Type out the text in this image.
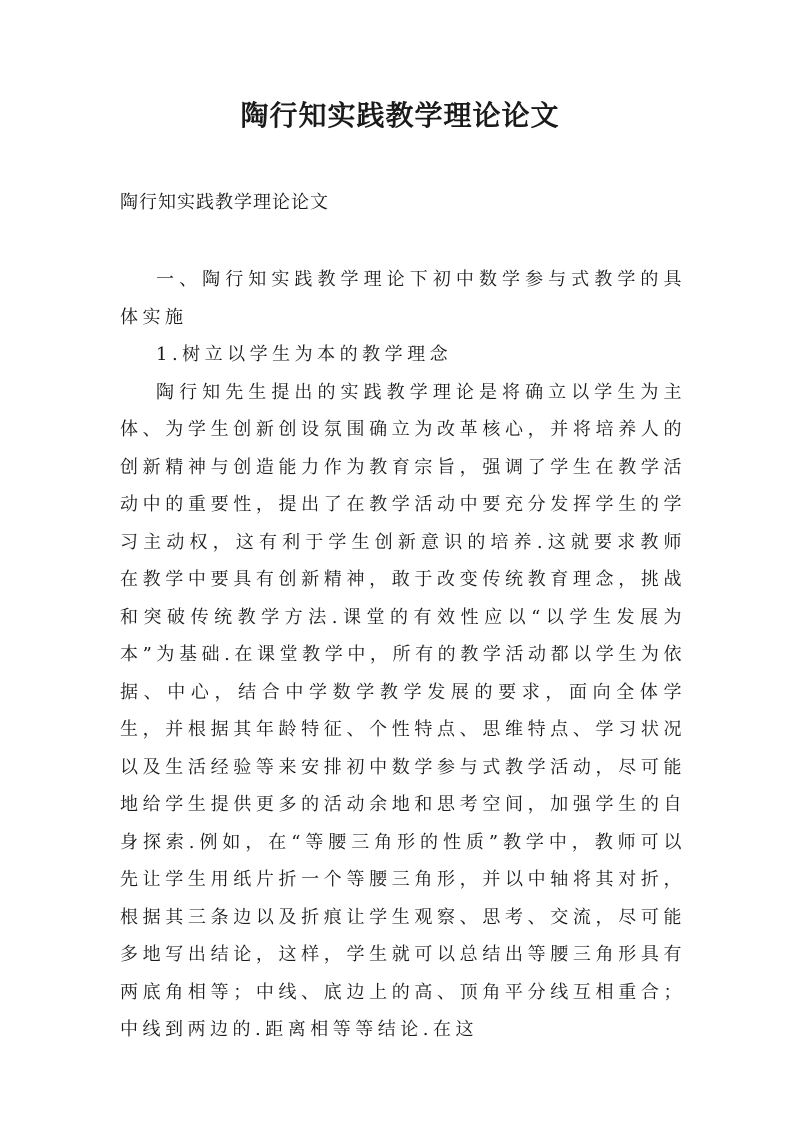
陶行知实践教学理论论文

陶行知实践教学理论论文

一、陶行知实践教学理论下初中数学参与式教学的具体实施

1.树立以学生为本的教学理念

陶行知先生提出的实践教学理论是将确立以学生为主体、为学生创新创设氛围确立为改革核心，并将培养人的创新精神与创造能力作为教育宗旨，强调了学生在教学活动中的重要性，提出了在教学活动中要充分发挥学生的学习主动权，这有利于学生创新意识的培养.这就要求教师在教学中要具有创新精神，敢于改变传统教育理念，挑战和突破传统教学方法.课堂的有效性应以“以学生发展为本”为基础.在课堂教学中，所有的教学活动都以学生为依据、中心，结合中学数学教学发展的要求，面向全体学生，并根据其年龄特征、个性特点、思维特点、学习状况以及生活经验等来安排初中数学参与式教学活动，尽可能地给学生提供更多的活动余地和思考空间，加强学生的自身探索.例如，在“等腰三角形的性质”教学中，教师可以先让学生用纸片折一个等腰三角形，并以中轴将其对折，根据其三条边以及折痕让学生观察、思考、交流，尽可能多地写出结论，这样，学生就可以总结出等腰三角形具有两底角相等；中线、底边上的高、顶角平分线互相重合；中线到两边的.距离相等等结论.在这
